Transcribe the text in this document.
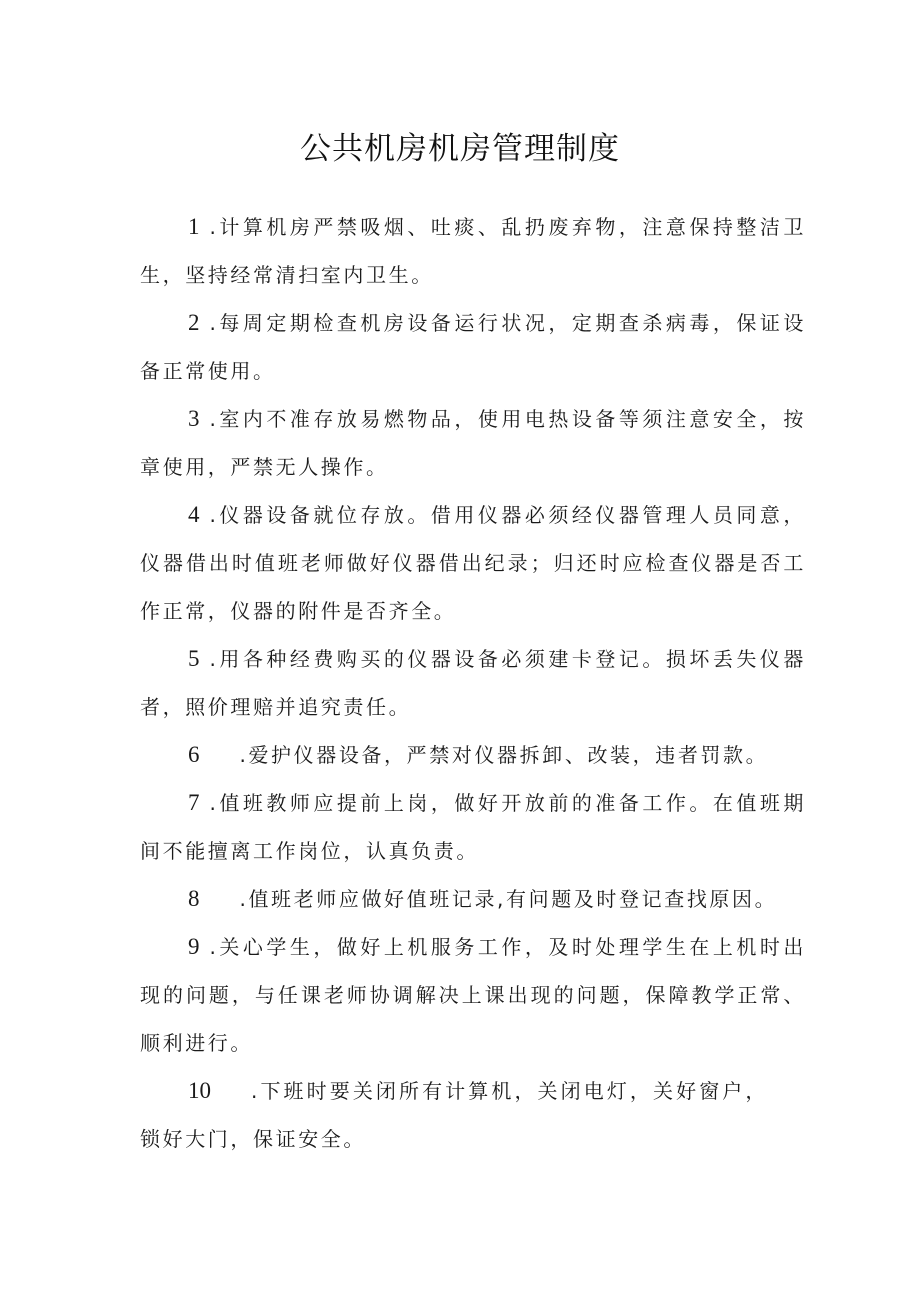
公共机房机房管理制度

1 .计算机房严禁吸烟、吐痰、乱扔废弃物，注意保持整洁卫生，坚持经常清扫室内卫生。

2 .每周定期检查机房设备运行状况，定期查杀病毒，保证设备正常使用。

3 .室内不准存放易燃物品，使用电热设备等须注意安全，按章使用，严禁无人操作。

4 .仪器设备就位存放。借用仪器必须经仪器管理人员同意，仪器借出时值班老师做好仪器借出纪录；归还时应检查仪器是否工作正常，仪器的附件是否齐全。

5 .用各种经费购买的仪器设备必须建卡登记。损坏丢失仪器者，照价理赔并追究责任。

6 .爱护仪器设备，严禁对仪器拆卸、改装，违者罚款。

7 .值班教师应提前上岗，做好开放前的准备工作。在值班期间不能擅离工作岗位，认真负责。

8 .值班老师应做好值班记录,有问题及时登记查找原因。

9 .关心学生，做好上机服务工作，及时处理学生在上机时出现的问题，与任课老师协调解决上课出现的问题，保障教学正常、顺利进行。

10 .下班时要关闭所有计算机，关闭电灯，关好窗户，锁好大门，保证安全。
